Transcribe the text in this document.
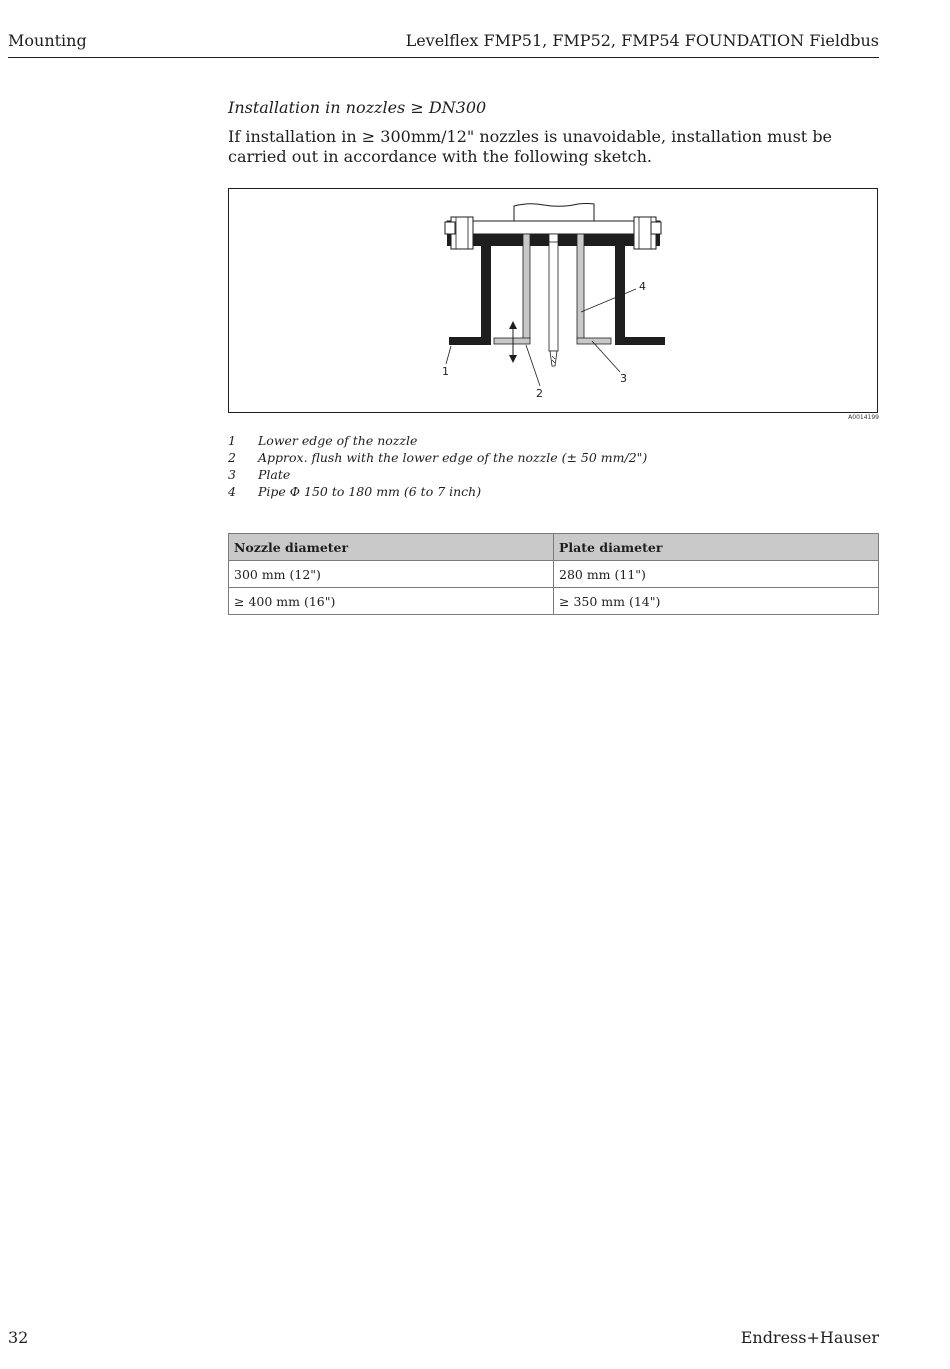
Mounting	Levelflex FMP51, FMP52, FMP54 FOUNDATION Fieldbus
Installation in nozzles ≥ DN300
If installation in ≥ 300mm/12" nozzles is unavoidable, installation must be carried out in accordance with the following sketch.
1
2
3
4
A0014199
1 Lower edge of the nozzle
2 Approx. flush with the lower edge of the nozzle (± 50 mm/2")
3 Plate
4 Pipe Φ 150 to 180 mm (6 to 7 inch)
Nozzle diameter	Plate diameter
300 mm (12")	280 mm (11")
≥ 400 mm (16")	≥ 350 mm (14")
32	Endress+Hauser
